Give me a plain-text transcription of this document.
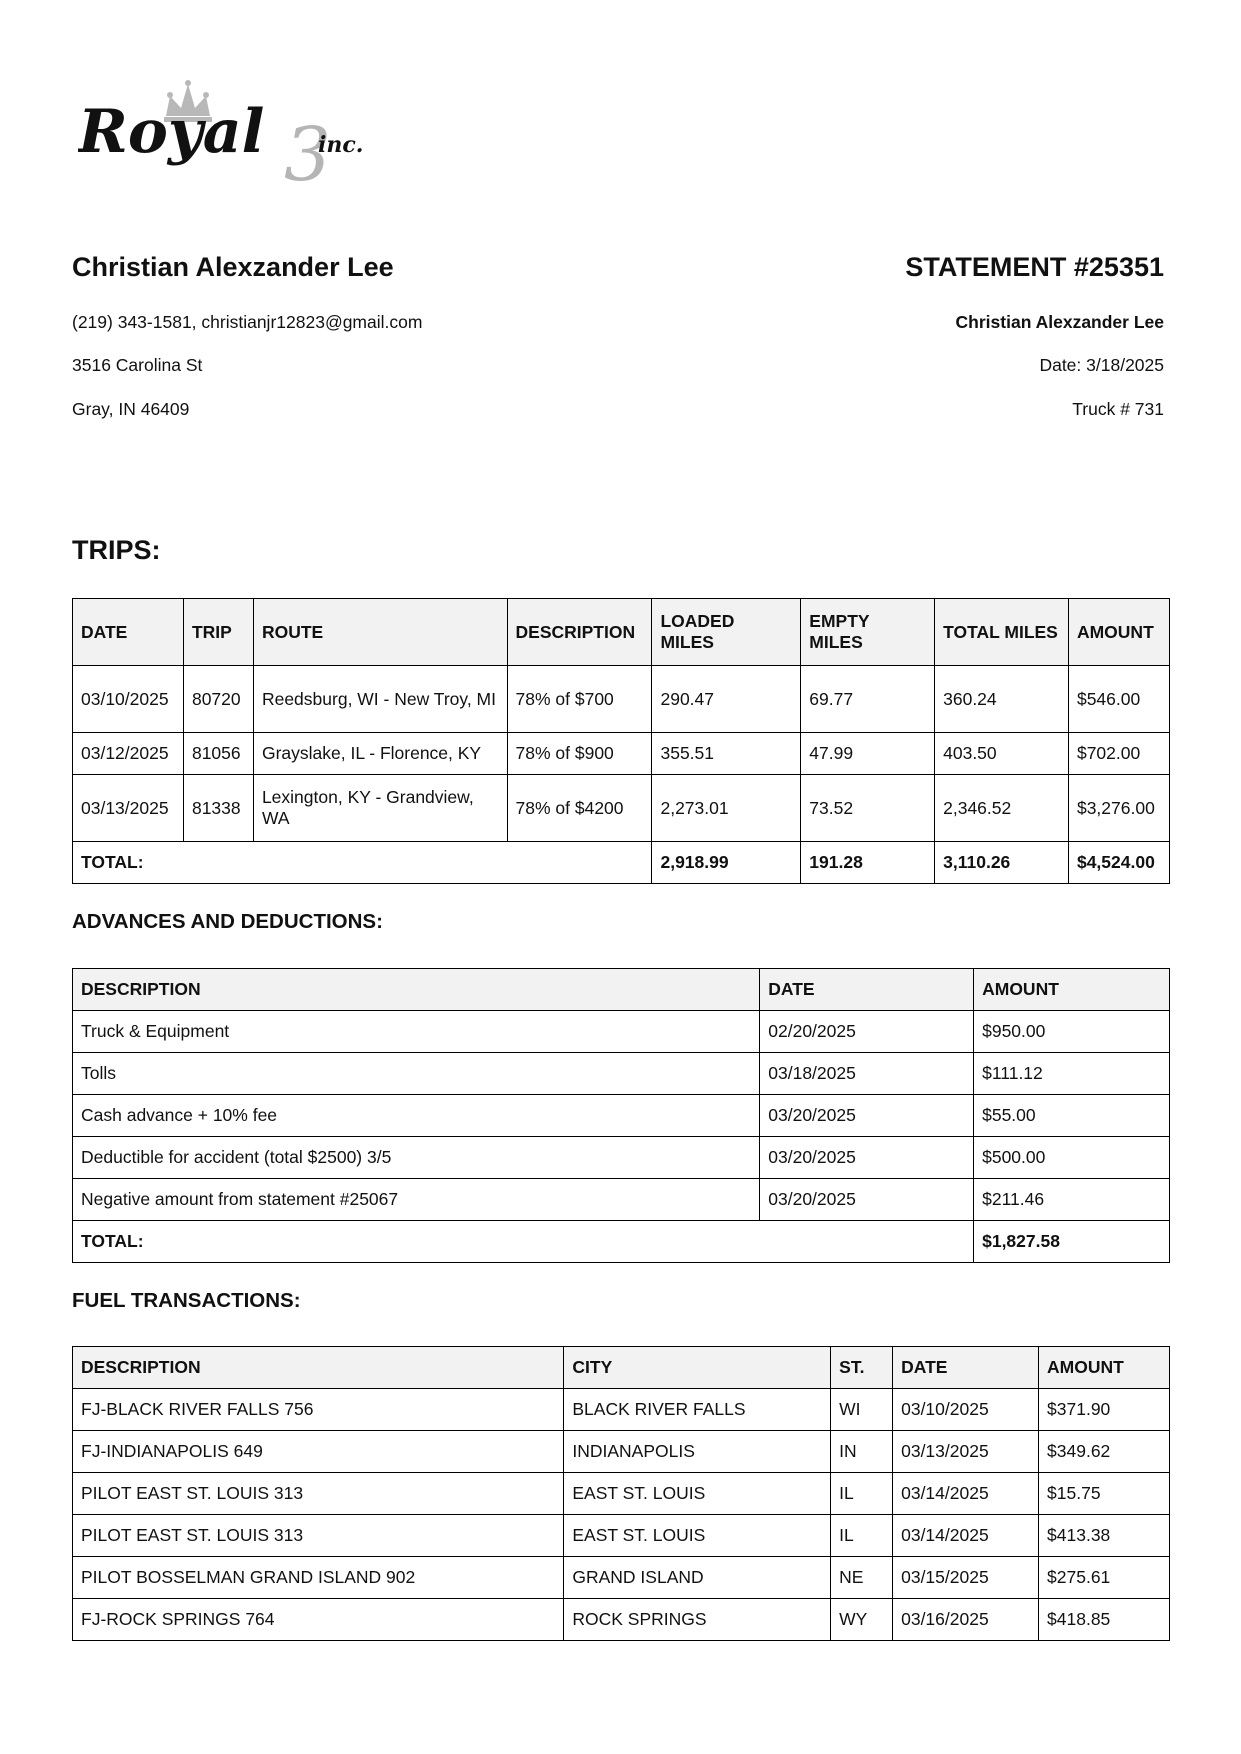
3
Royal inc.
Christian Alexzander Lee

(219) 343-1581, christianjr12823@gmail.com

3516 Carolina St

Gray, IN 46409

STATEMENT #25351

Christian Alexzander Lee

Date: 3/18/2025

Truck # 731

TRIPS:
DATE	TRIP	ROUTE	DESCRIPTION	LOADED MILES	EMPTY MILES	TOTAL MILES	AMOUNT
03/10/2025	80720	Reedsburg, WI - New Troy, MI	78% of $700	290.47	69.77	360.24	$546.00
03/12/2025	81056	Grayslake, IL - Florence, KY	78% of $900	355.51	47.99	403.50	$702.00
03/13/2025	81338	Lexington, KY - Grandview, WA	78% of $4200	2,273.01	73.52	2,346.52	$3,276.00
TOTAL:				2,918.99	191.28	3,110.26	$4,524.00
ADVANCES AND DEDUCTIONS:
DESCRIPTION	DATE	AMOUNT
Truck & Equipment	02/20/2025	$950.00
Tolls	03/18/2025	$111.12
Cash advance + 10% fee	03/20/2025	$55.00
Deductible for accident (total $2500) 3/5	03/20/2025	$500.00
Negative amount from statement #25067	03/20/2025	$211.46
TOTAL:		$1,827.58
FUEL TRANSACTIONS:
DESCRIPTION	CITY	ST.	DATE	AMOUNT
FJ-BLACK RIVER FALLS 756	BLACK RIVER FALLS	WI	03/10/2025	$371.90
FJ-INDIANAPOLIS 649	INDIANAPOLIS	IN	03/13/2025	$349.62
PILOT EAST ST. LOUIS 313	EAST ST. LOUIS	IL	03/14/2025	$15.75
PILOT EAST ST. LOUIS 313	EAST ST. LOUIS	IL	03/14/2025	$413.38
PILOT BOSSELMAN GRAND ISLAND 902	GRAND ISLAND	NE	03/15/2025	$275.61
FJ-ROCK SPRINGS 764	ROCK SPRINGS	WY	03/16/2025	$418.85
